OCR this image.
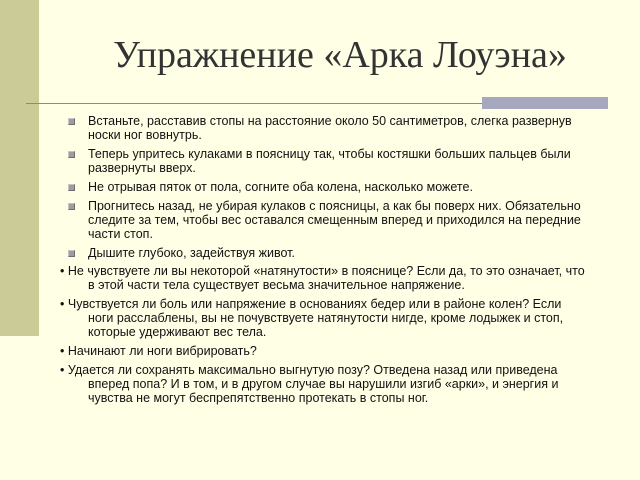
Упражнение «Арка Лоуэна»
Встаньте, расставив стопы на расстояние около 50 сантиметров, слегка развернув носки ног вовнутрь.
Теперь упритесь кулаками в поясницу так, чтобы костяшки больших пальцев были развернуты вверх.
Не отрывая пяток от пола, согните оба колена, насколько можете.
Прогнитесь назад, не убирая кулаков с поясницы, а как бы поверх них. Обязательно следите за тем, чтобы вес оставался смещенным вперед и приходился на передние части стоп.
Дышите глубоко, задействуя живот.

• Не чувствуете ли вы некоторой «натянутости» в пояснице? Если да, то это означает, что в этой части тела существует весьма значительное напряжение.

• Чувствуется ли боль или напряжение в основаниях бедер или в районе колен? Если ноги расслаблены, вы не почувствуете натянутости нигде, кроме лодыжек и стоп, которые удерживают вес тела.

• Начинают ли ноги вибрировать?

• Удается ли сохранять максимально выгнутую позу? Отведена назад или приведена вперед попа? И в том, и в другом случае вы нарушили изгиб «арки», и энергия и чувства не могут беспрепятственно протекать в стопы ног.
